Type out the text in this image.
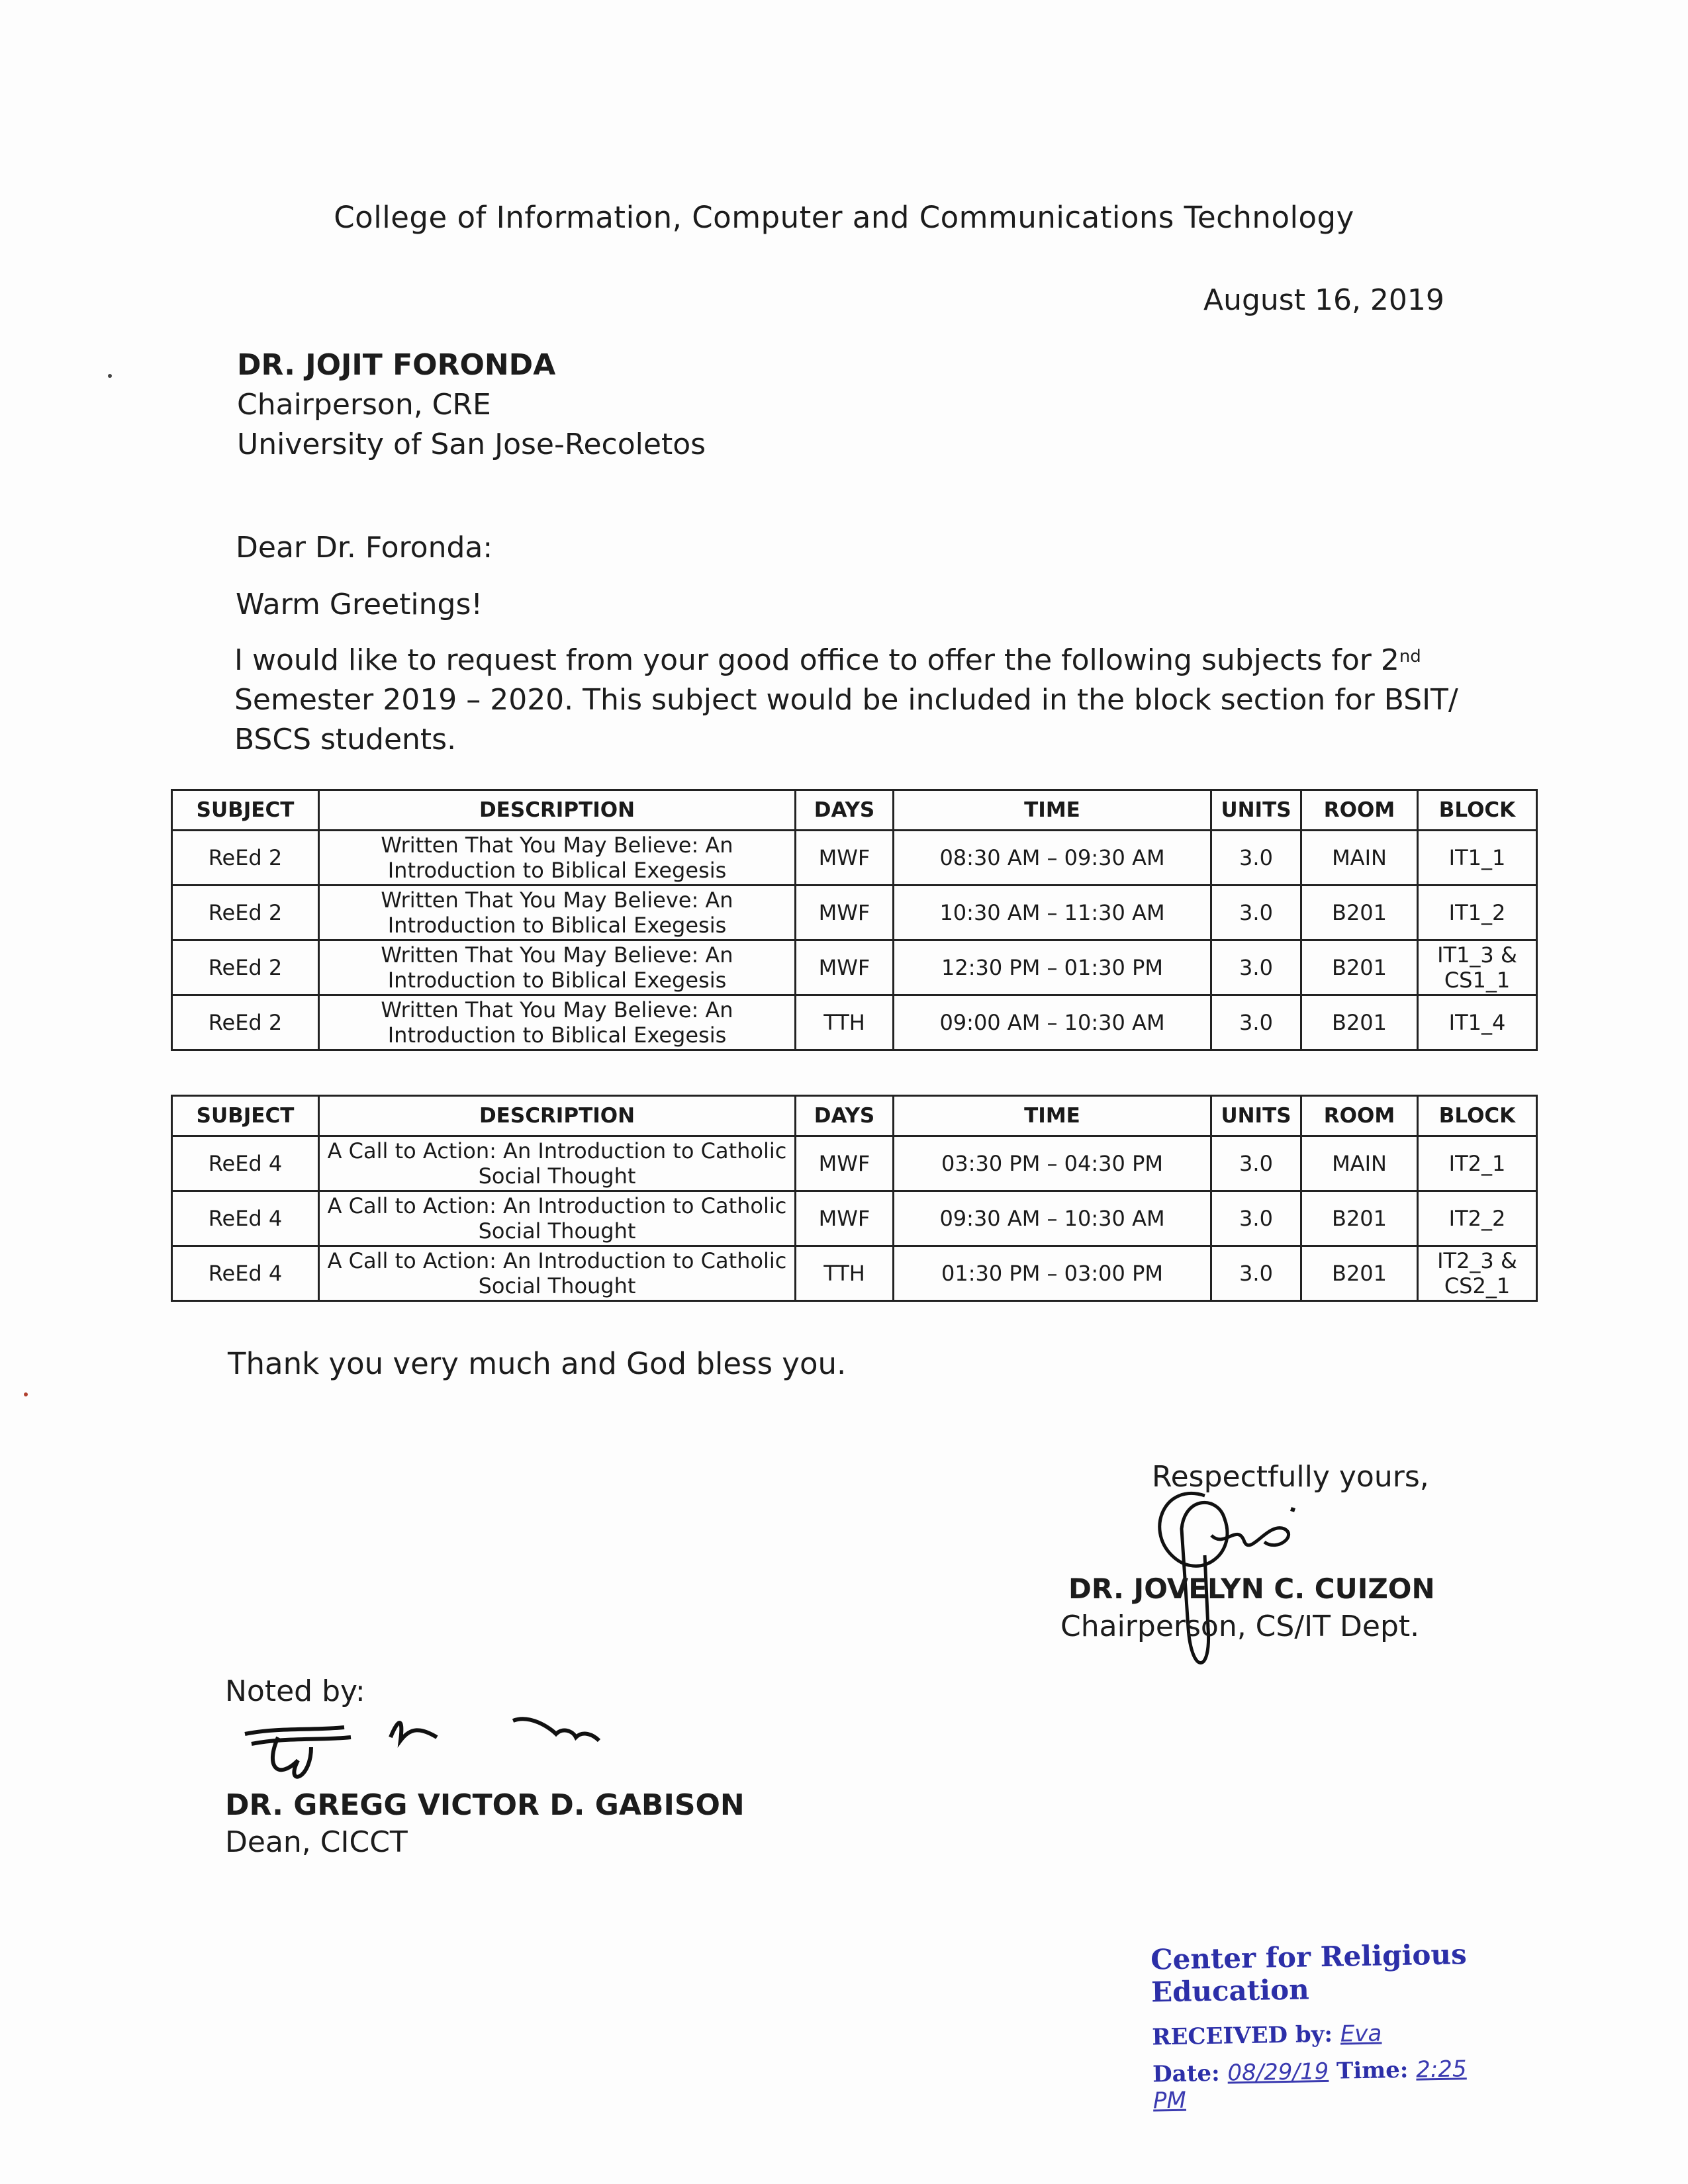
College of Information, Computer and Communications Technology
August 16, 2019
DR. JOJIT FORONDA
Chairperson, CRE
University of San Jose-Recoletos
Dear Dr. Foronda:
Warm Greetings!
I would like to request from your good office to offer the following subjects for 2nd Semester 2019 – 2020. This subject would be included in the block section for BSIT/ BSCS students.
SUBJECT	DESCRIPTION	DAYS	TIME	UNITS	ROOM	BLOCK
ReEd 2	Written That You May Believe: An Introduction to Biblical Exegesis	MWF	08:30 AM – 09:30 AM	3.0	MAIN	IT1_1
ReEd 2	Written That You May Believe: An Introduction to Biblical Exegesis	MWF	10:30 AM – 11:30 AM	3.0	B201	IT1_2
ReEd 2	Written That You May Believe: An Introduction to Biblical Exegesis	MWF	12:30 PM – 01:30 PM	3.0	B201	IT1_3 & CS1_1
ReEd 2	Written That You May Believe: An Introduction to Biblical Exegesis	TTH	09:00 AM – 10:30 AM	3.0	B201	IT1_4
SUBJECT	DESCRIPTION	DAYS	TIME	UNITS	ROOM	BLOCK
ReEd 4	A Call to Action: An Introduction to Catholic Social Thought	MWF	03:30 PM – 04:30 PM	3.0	MAIN	IT2_1
ReEd 4	A Call to Action: An Introduction to Catholic Social Thought	MWF	09:30 AM – 10:30 AM	3.0	B201	IT2_2
ReEd 4	A Call to Action: An Introduction to Catholic Social Thought	TTH	01:30 PM – 03:00 PM	3.0	B201	IT2_3 & CS2_1
Thank you very much and God bless you.
Respectfully yours,
DR. JOVELYN C. CUIZON
Chairperson, CS/IT Dept.
Noted by:
DR. GREGG VICTOR D. GABISON
Dean, CICCT
Center for Religious Education
RECEIVED by: Eva
Date: 08/29/19 Time: 2:25 PM
